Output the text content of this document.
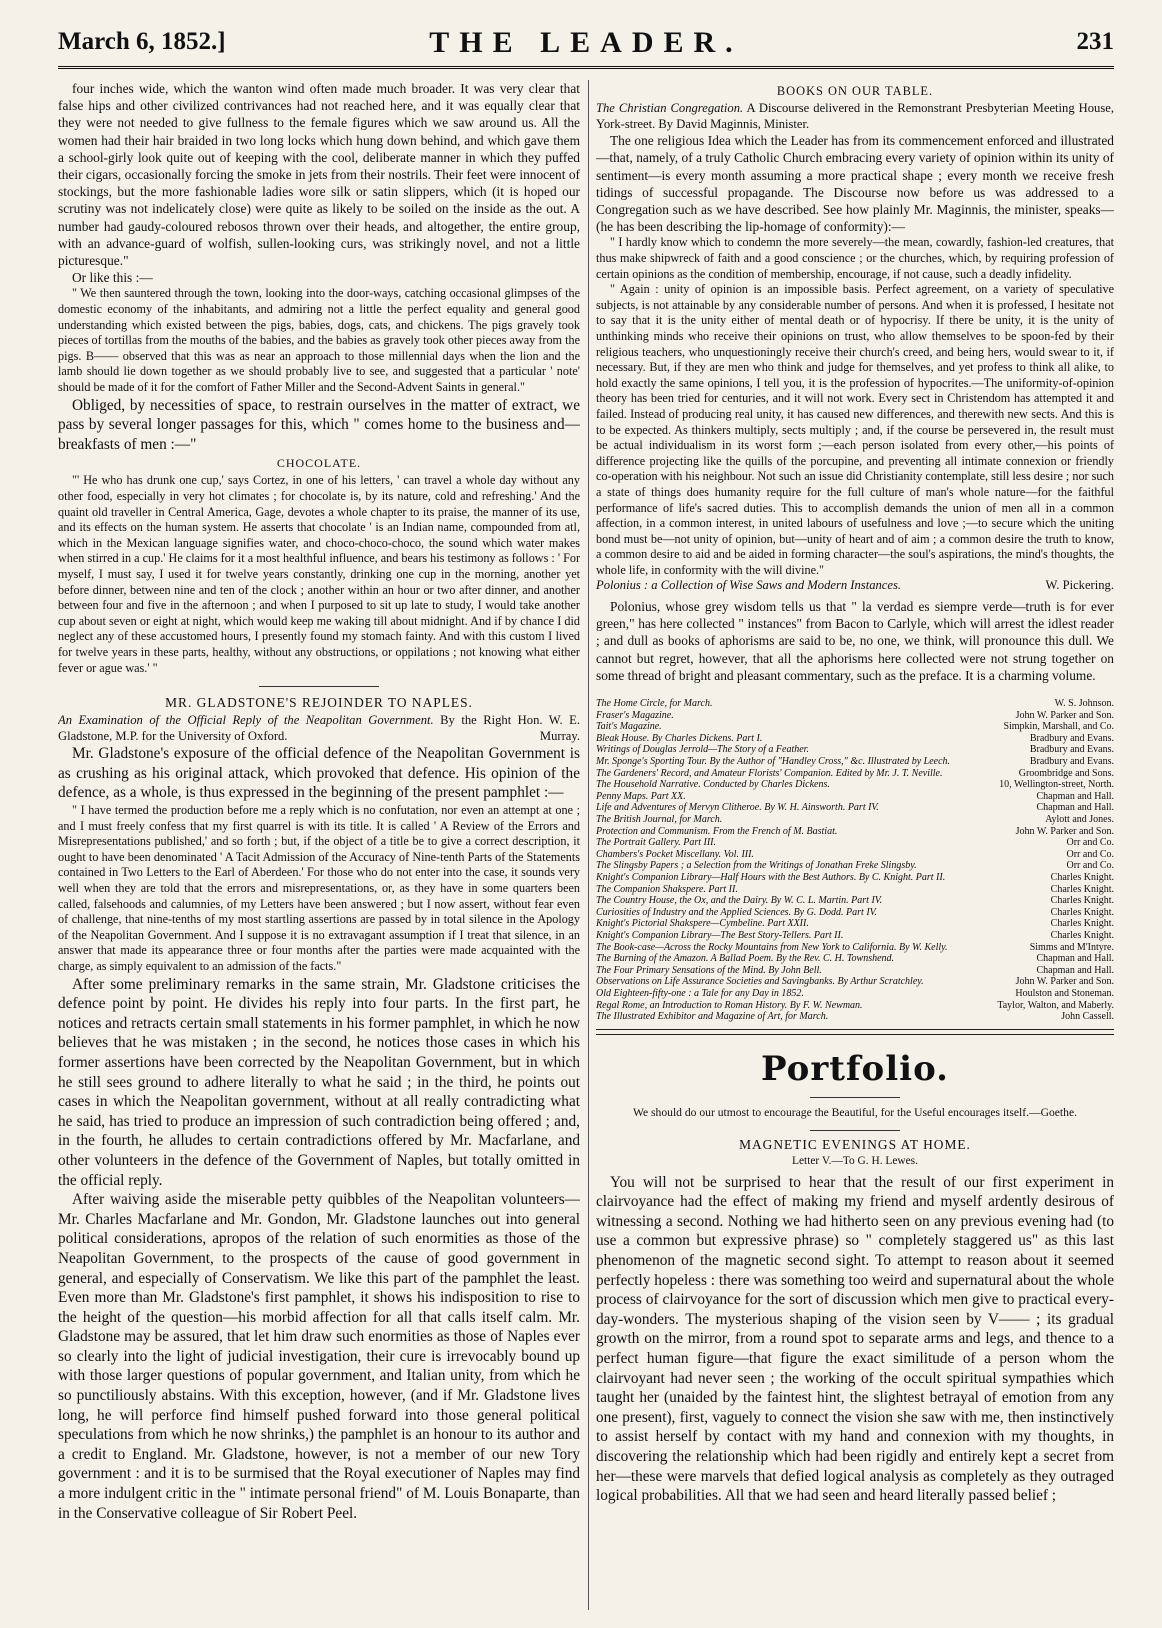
March 6, 1852.]	THE LEADER.	231

four inches wide, which the wanton wind often made much broader. It was very clear that false hips and other civilized contrivances had not reached here, and it was equally clear that they were not needed to give fullness to the female figures which we saw around us. All the women had their hair braided in two long locks which hung down behind, and which gave them a school-girly look quite out of keeping with the cool, deliberate manner in which they puffed their cigars, occasionally forcing the smoke in jets from their nostrils. Their feet were innocent of stockings, but the more fashionable ladies wore silk or satin slippers, which (it is hoped our scrutiny was not indelicately close) were quite as likely to be soiled on the inside as the out. A number had gaudy-coloured rebosos thrown over their heads, and altogether, the entire group, with an advance-guard of wolfish, sullen-looking curs, was strikingly novel, and not a little picturesque."

Or like this :—

" We then sauntered through the town, looking into the door-ways, catching occasional glimpses of the domestic economy of the inhabitants, and admiring not a little the perfect equality and general good understanding which existed between the pigs, babies, dogs, cats, and chickens. The pigs gravely took pieces of tortillas from the mouths of the babies, and the babies as gravely took other pieces away from the pigs. B—— observed that this was as near an approach to those millennial days when the lion and the lamb should lie down together as we should probably live to see, and suggested that a particular ' note' should be made of it for the comfort of Father Miller and the Second-Advent Saints in general."

Obliged, by necessities of space, to restrain ourselves in the matter of extract, we pass by several longer passages for this, which " comes home to the business and—breakfasts of men :—"

CHOCOLATE.

"' He who has drunk one cup,' says Cortez, in one of his letters, ' can travel a whole day without any other food, especially in very hot climates ; for chocolate is, by its nature, cold and refreshing.' And the quaint old traveller in Central America, Gage, devotes a whole chapter to its praise, the manner of its use, and its effects on the human system. He asserts that chocolate ' is an Indian name, compounded from atl, which in the Mexican language signifies water, and choco-choco-choco, the sound which water makes when stirred in a cup.' He claims for it a most healthful influence, and bears his testimony as follows : ' For myself, I must say, I used it for twelve years constantly, drinking one cup in the morning, another yet before dinner, between nine and ten of the clock ; another within an hour or two after dinner, and another between four and five in the afternoon ; and when I purposed to sit up late to study, I would take another cup about seven or eight at night, which would keep me waking till about midnight. And if by chance I did neglect any of these accustomed hours, I presently found my stomach fainty. And with this custom I lived for twelve years in these parts, healthy, without any obstructions, or oppilations ; not knowing what either fever or ague was.' "

MR. GLADSTONE'S REJOINDER TO NAPLES.

An Examination of the Official Reply of the Neapolitan Government. By the Right Hon. W. E. Gladstone, M.P. for the University of Oxford.	Murray.

Mr. Gladstone's exposure of the official defence of the Neapolitan Government is as crushing as his original attack, which provoked that defence. His opinion of the defence, as a whole, is thus expressed in the beginning of the present pamphlet :—

" I have termed the production before me a reply which is no confutation, nor even an attempt at one ; and I must freely confess that my first quarrel is with its title. It is called ' A Review of the Errors and Misrepresentations published,' and so forth ; but, if the object of a title be to give a correct description, it ought to have been denominated ' A Tacit Admission of the Accuracy of Nine-tenth Parts of the Statements contained in Two Letters to the Earl of Aberdeen.' For those who do not enter into the case, it sounds very well when they are told that the errors and misrepresentations, or, as they have in some quarters been called, falsehoods and calumnies, of my Letters have been answered ; but I now assert, without fear even of challenge, that nine-tenths of my most startling assertions are passed by in total silence in the Apology of the Neapolitan Government. And I suppose it is no extravagant assumption if I treat that silence, in an answer that made its appearance three or four months after the parties were made acquainted with the charge, as simply equivalent to an admission of the facts."

After some preliminary remarks in the same strain, Mr. Gladstone criticises the defence point by point. He divides his reply into four parts. In the first part, he notices and retracts certain small statements in his former pamphlet, in which he now believes that he was mistaken ; in the second, he notices those cases in which his former assertions have been corrected by the Neapolitan Government, but in which he still sees ground to adhere literally to what he said ; in the third, he points out cases in which the Neapolitan government, without at all really contradicting what he said, has tried to produce an impression of such contradiction being offered ; and, in the fourth, he alludes to certain contradictions offered by Mr. Macfarlane, and other volunteers in the defence of the Government of Naples, but totally omitted in the official reply.

After waiving aside the miserable petty quibbles of the Neapolitan volunteers—Mr. Charles Macfarlane and Mr. Gondon, Mr. Gladstone launches out into general political considerations, apropos of the relation of such enormities as those of the Neapolitan Government, to the prospects of the cause of good government in general, and especially of Conservatism. We like this part of the pamphlet the least. Even more than Mr. Gladstone's first pamphlet, it shows his indisposition to rise to the height of the question—his morbid affection for all that calls itself calm. Mr. Gladstone may be assured, that let him draw such enormities as those of Naples ever so clearly into the light of judicial investigation, their cure is irrevocably bound up with those larger questions of popular government, and Italian unity, from which he so punctiliously abstains. With this exception, however, (and if Mr. Gladstone lives long, he will perforce find himself pushed forward into those general political speculations from which he now shrinks,) the pamphlet is an honour to its author and a credit to England. Mr. Gladstone, however, is not a member of our new Tory government : and it is to be surmised that the Royal executioner of Naples may find a more indulgent critic in the " intimate personal friend" of M. Louis Bonaparte, than in the Conservative colleague of Sir Robert Peel.

BOOKS ON OUR TABLE.

The Christian Congregation. A Discourse delivered in the Remonstrant Presbyterian Meeting House, York-street. By David Maginnis, Minister.

The one religious Idea which the Leader has from its commencement enforced and illustrated—that, namely, of a truly Catholic Church embracing every variety of opinion within its unity of sentiment—is every month assuming a more practical shape ; every month we receive fresh tidings of successful propagande. The Discourse now before us was addressed to a Congregation such as we have described. See how plainly Mr. Maginnis, the minister, speaks—(he has been describing the lip-homage of conformity):—

" I hardly know which to condemn the more severely—the mean, cowardly, fashion-led creatures, that thus make shipwreck of faith and a good conscience ; or the churches, which, by requiring profession of certain opinions as the condition of membership, encourage, if not cause, such a deadly infidelity.

" Again : unity of opinion is an impossible basis. Perfect agreement, on a variety of speculative subjects, is not attainable by any considerable number of persons. And when it is professed, I hesitate not to say that it is the unity either of mental death or of hypocrisy. If there be unity, it is the unity of unthinking minds who receive their opinions on trust, who allow themselves to be spoon-fed by their religious teachers, who unquestioningly receive their church's creed, and being hers, would swear to it, if necessary. But, if they are men who think and judge for themselves, and yet profess to think all alike, to hold exactly the same opinions, I tell you, it is the profession of hypocrites.—The uniformity-of-opinion theory has been tried for centuries, and it will not work. Every sect in Christendom has attempted it and failed. Instead of producing real unity, it has caused new differences, and therewith new sects. And this is to be expected. As thinkers multiply, sects multiply ; and, if the course be persevered in, the result must be actual individualism in its worst form ;—each person isolated from every other,—his points of difference projecting like the quills of the porcupine, and preventing all intimate connexion or friendly co-operation with his neighbour. Not such an issue did Christianity contemplate, still less desire ; nor such a state of things does humanity require for the full culture of man's whole nature—for the faithful performance of life's sacred duties. This to accomplish demands the union of men all in a common affection, in a common interest, in united labours of usefulness and love ;—to secure which the uniting bond must be—not unity of opinion, but—unity of heart and of aim ; a common desire the truth to know, a common desire to aid and be aided in forming character—the soul's aspirations, the mind's thoughts, the whole life, in conformity with the will divine."

Polonius : a Collection of Wise Saws and Modern Instances.	W. Pickering.

Polonius, whose grey wisdom tells us that " la verdad es siempre verde—truth is for ever green," has here collected " instances" from Bacon to Carlyle, which will arrest the idlest reader ; and dull as books of aphorisms are said to be, no one, we think, will pronounce this dull. We cannot but regret, however, that all the aphorisms here collected were not strung together on some thread of bright and pleasant commentary, such as the preface. It is a charming volume.

The Home Circle, for March.	W. S. Johnson.
Fraser's Magazine.	John W. Parker and Son.
Tait's Magazine.	Simpkin, Marshall, and Co.
Bleak House. By Charles Dickens. Part I.	Bradbury and Evans.
Writings of Douglas Jerrold—The Story of a Feather.	Bradbury and Evans.
Mr. Sponge's Sporting Tour. By the Author of "Handley Cross," &c. Illustrated by Leech.	Bradbury and Evans.
The Gardeners' Record, and Amateur Florists' Companion. Edited by Mr. J. T. Neville.	Groombridge and Sons.
The Household Narrative. Conducted by Charles Dickens.	10, Wellington-street, North.
Penny Maps. Part XX.	Chapman and Hall.
Life and Adventures of Mervyn Clitheroe. By W. H. Ainsworth. Part IV.	Chapman and Hall.
The British Journal, for March.	Aylott and Jones.
Protection and Communism. From the French of M. Bastiat.	John W. Parker and Son.
The Portrait Gallery. Part III.	Orr and Co.
Chambers's Pocket Miscellany. Vol. III.	Orr and Co.
The Slingsby Papers ; a Selection from the Writings of Jonathan Freke Slingsby.	Orr and Co.
Knight's Companion Library—Half Hours with the Best Authors. By C. Knight. Part II.	Charles Knight.
The Companion Shakspere. Part II.	Charles Knight.
The Country House, the Ox, and the Dairy. By W. C. L. Martin. Part IV.	Charles Knight.
Curiosities of Industry and the Applied Sciences. By G. Dodd. Part IV.	Charles Knight.
Knight's Pictorial Shakspere—Cymbeline. Part XXII.	Charles Knight.
Knight's Companion Library—The Best Story-Tellers. Part II.	Charles Knight.
The Book-case—Across the Rocky Mountains from New York to California. By W. Kelly.	Simms and M'Intyre.
The Burning of the Amazon. A Ballad Poem. By the Rev. C. H. Townshend.	Chapman and Hall.
The Four Primary Sensations of the Mind. By John Bell.	Chapman and Hall.
Observations on Life Assurance Societies and Savingbanks. By Arthur Scratchley.	John W. Parker and Son.
Old Eighteen-fifty-one : a Tale for any Day in 1852.	Houlston and Stoneman.
Regal Rome, an Introduction to Roman History. By F. W. Newman.	Taylor, Walton, and Maberly.
The Illustrated Exhibitor and Magazine of Art, for March.	John Cassell.
Portfolio.
We should do our utmost to encourage the Beautiful, for the Useful encourages itself.—Goethe.
MAGNETIC EVENINGS AT HOME.
Letter V.—To G. H. Lewes.

You will not be surprised to hear that the result of our first experiment in clairvoyance had the effect of making my friend and myself ardently desirous of witnessing a second. Nothing we had hitherto seen on any previous evening had (to use a common but expressive phrase) so " completely staggered us" as this last phenomenon of the magnetic second sight. To attempt to reason about it seemed perfectly hopeless : there was something too weird and supernatural about the whole process of clairvoyance for the sort of discussion which men give to practical every-day-wonders. The mysterious shaping of the vision seen by V—— ; its gradual growth on the mirror, from a round spot to separate arms and legs, and thence to a perfect human figure—that figure the exact similitude of a person whom the clairvoyant had never seen ; the working of the occult spiritual sympathies which taught her (unaided by the faintest hint, the slightest betrayal of emotion from any one present), first, vaguely to connect the vision she saw with me, then instinctively to assist herself by contact with my hand and connexion with my thoughts, in discovering the relationship which had been rigidly and entirely kept a secret from her—these were marvels that defied logical analysis as completely as they outraged logical probabilities. All that we had seen and heard literally passed belief ;
